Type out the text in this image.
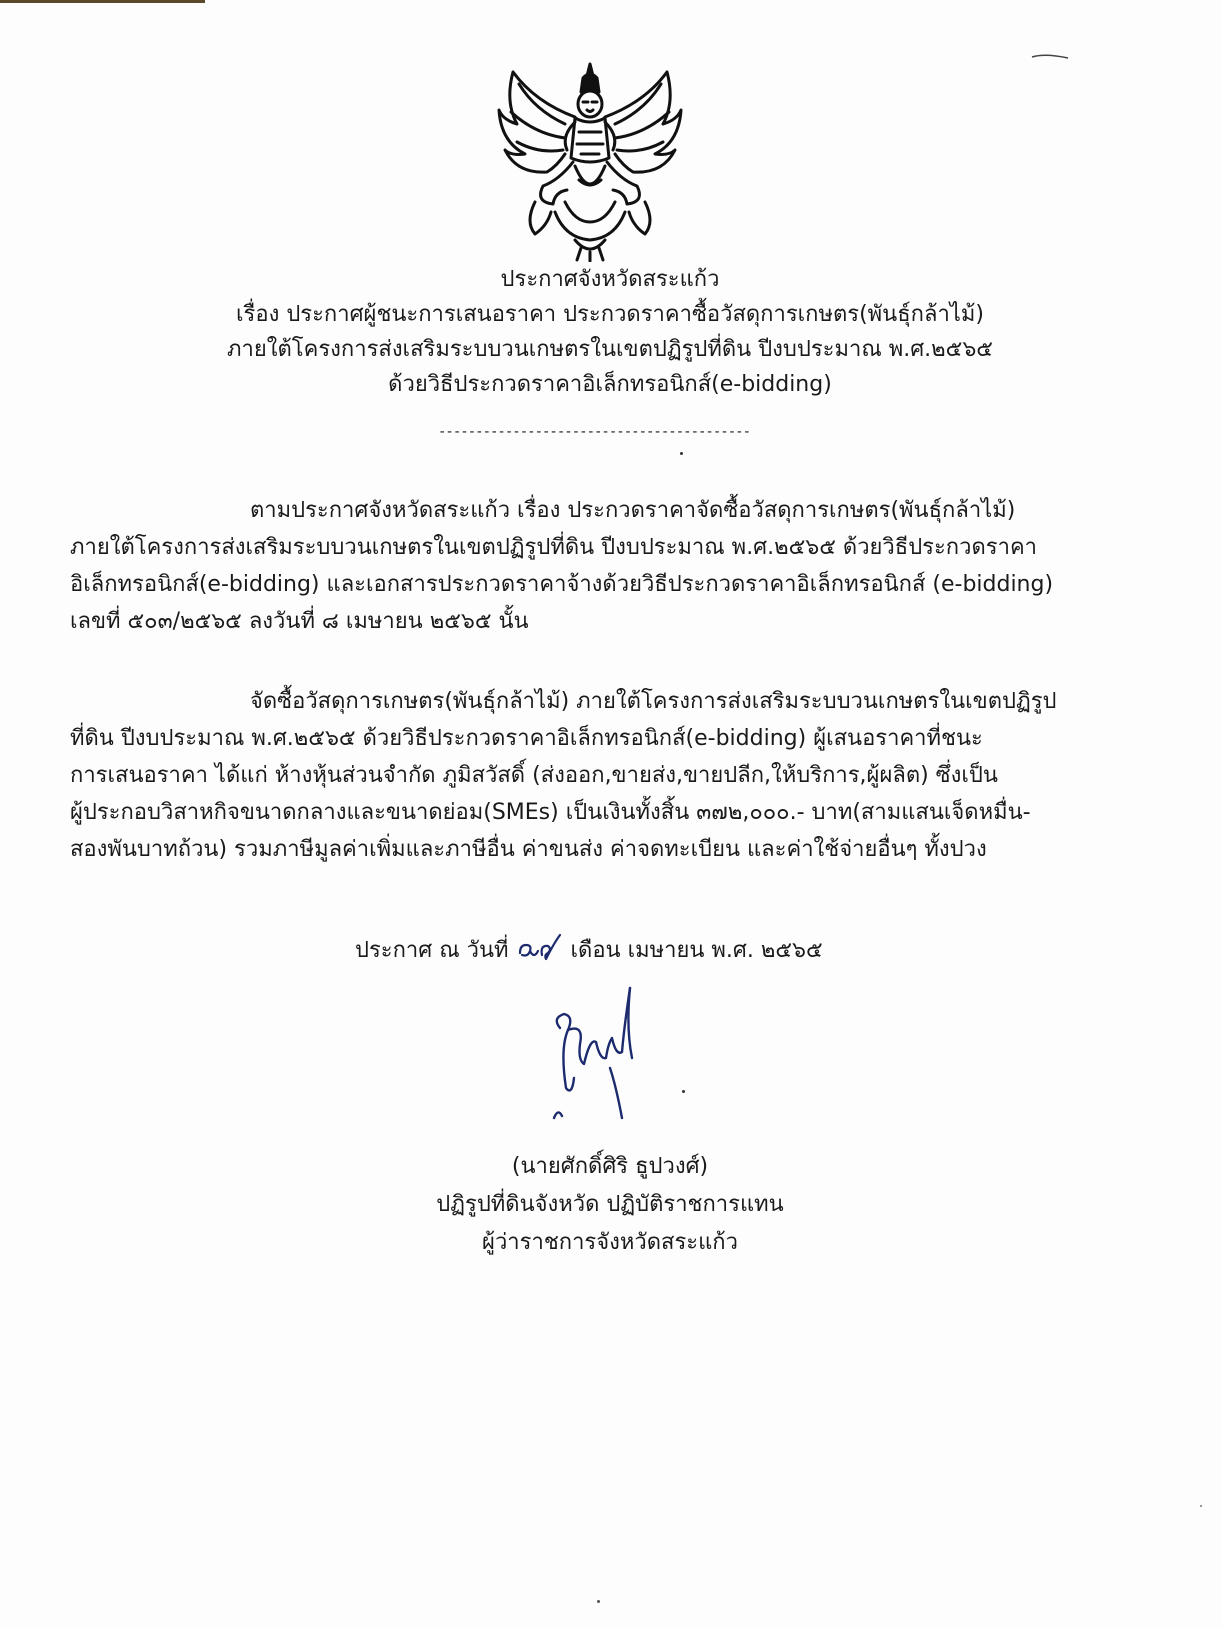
ประกาศจังหวัดสระแก้ว
เรื่อง ประกาศผู้ชนะการเสนอราคา ประกวดราคาซื้อวัสดุการเกษตร(พันธุ์กล้าไม้)
ภายใต้โครงการส่งเสริมระบบวนเกษตรในเขตปฏิรูปที่ดิน ปีงบประมาณ พ.ศ.๒๕๖๕
ด้วยวิธีประกวดราคาอิเล็กทรอนิกส์(e-bidding)
------------------------------------------
ตามประกาศจังหวัดสระแก้ว เรื่อง ประกวดราคาจัดซื้อวัสดุการเกษตร(พันธุ์กล้าไม้)
ภายใต้โครงการส่งเสริมระบบวนเกษตรในเขตปฏิรูปที่ดิน ปีงบประมาณ พ.ศ.๒๕๖๕ ด้วยวิธีประกวดราคา
อิเล็กทรอนิกส์(e-bidding) และเอกสารประกวดราคาจ้างด้วยวิธีประกวดราคาอิเล็กทรอนิกส์ (e-bidding)
เลขที่ ๕๐๓/๒๕๖๕ ลงวันที่ ๘ เมษายน ๒๕๖๕ นั้น
จัดซื้อวัสดุการเกษตร(พันธุ์กล้าไม้) ภายใต้โครงการส่งเสริมระบบวนเกษตรในเขตปฏิรูป
ที่ดิน ปีงบประมาณ พ.ศ.๒๕๖๕ ด้วยวิธีประกวดราคาอิเล็กทรอนิกส์(e-bidding) ผู้เสนอราคาที่ชนะ
การเสนอราคา ได้แก่ ห้างหุ้นส่วนจำกัด ภูมิสวัสดิ์ (ส่งออก,ขายส่ง,ขายปลีก,ให้บริการ,ผู้ผลิต) ซึ่งเป็น
ผู้ประกอบวิสาหกิจขนาดกลางและขนาดย่อม(SMEs) เป็นเงินทั้งสิ้น ๓๗๒,๐๐๐.- บาท(สามแสนเจ็ดหมื่น-
สองพันบาทถ้วน) รวมภาษีมูลค่าเพิ่มและภาษีอื่น ค่าขนส่ง ค่าจดทะเบียน และค่าใช้จ่ายอื่นๆ ทั้งปวง
ประกาศ ณ วันที่	เดือน เมษายน พ.ศ. ๒๕๖๕
(นายศักดิ์ศิริ ธูปวงศ์)
ปฏิรูปที่ดินจังหวัด ปฏิบัติราชการแทน
ผู้ว่าราชการจังหวัดสระแก้ว
